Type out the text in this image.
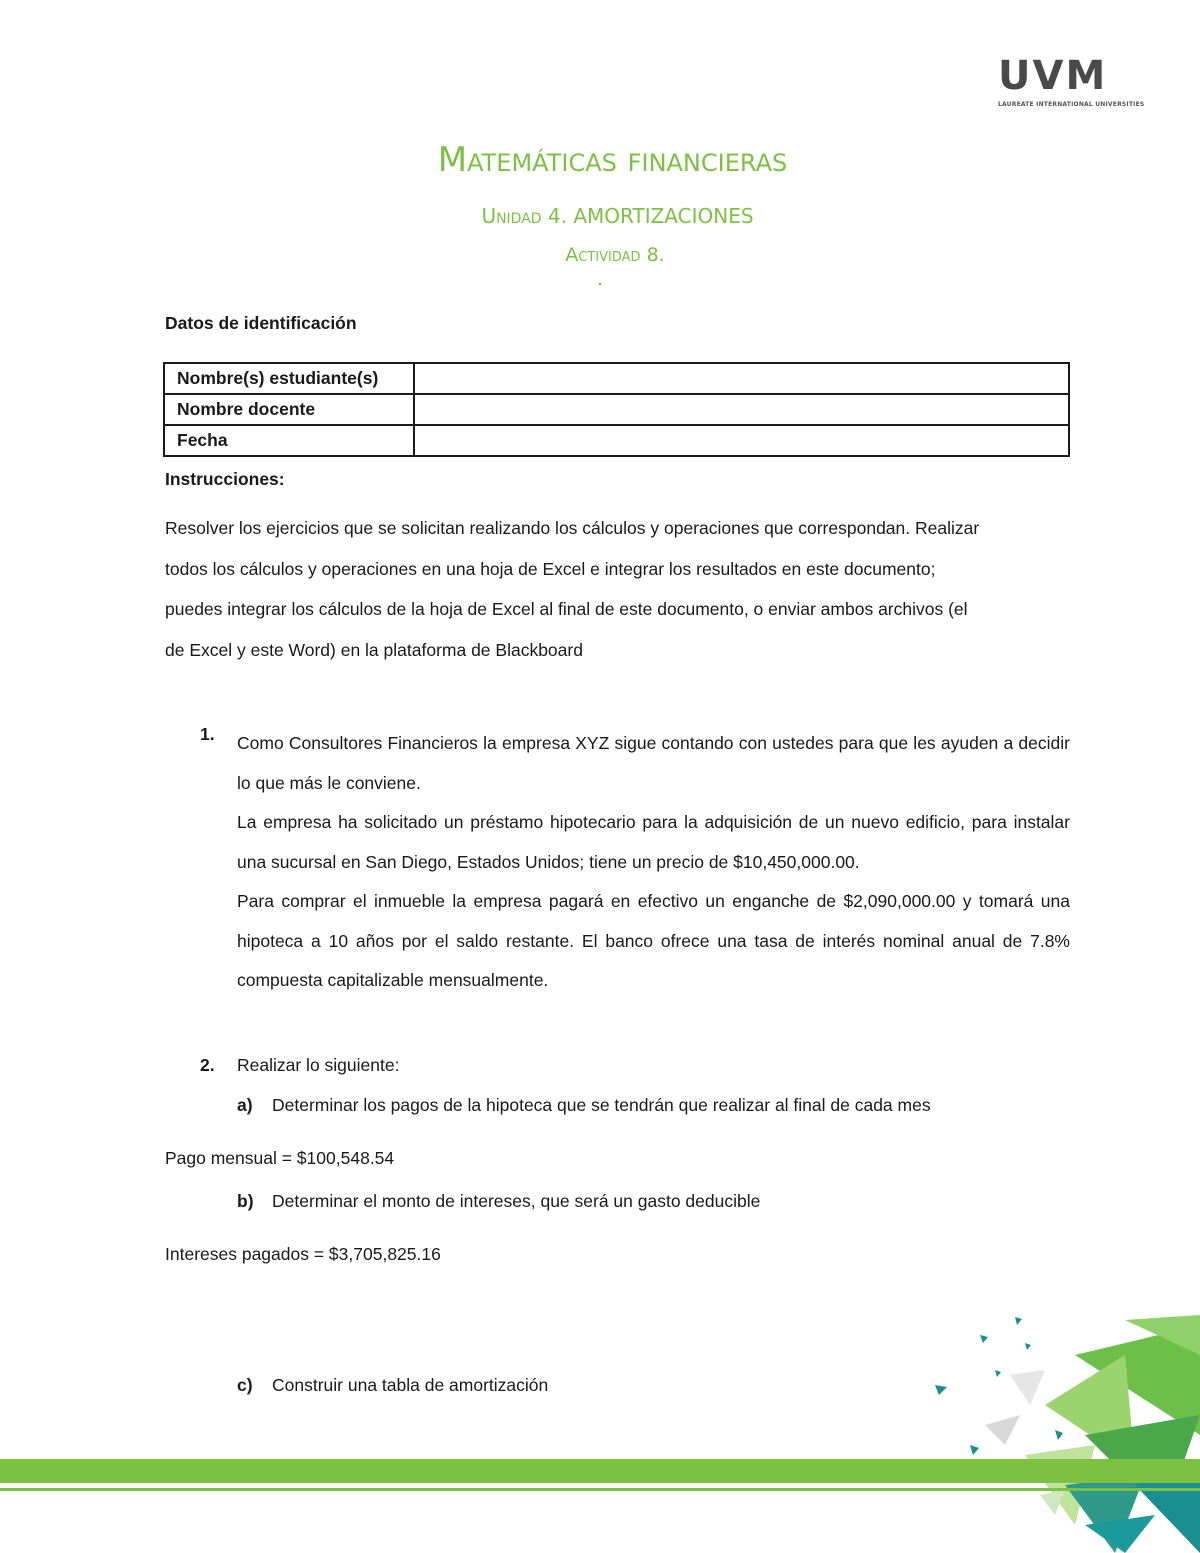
UVM
LAUREATE INTERNATIONAL UNIVERSITIES
Matemáticas financieras
Unidad 4. AMORTIZACIONES
Actividad 8.
Datos de identificación
Nombre(s) estudiante(s)	
Nombre docente	
Fecha	
Instrucciones:
Resolver los ejercicios que se solicitan realizando los cálculos y operaciones que correspondan. Realizar
todos los cálculos y operaciones en una hoja de Excel e integrar los resultados en este documento;
puedes integrar los cálculos de la hoja de Excel al final de este documento, o enviar ambos archivos (el
de Excel y este Word) en la plataforma de Blackboard
1. Como Consultores Financieros la empresa XYZ sigue contando con ustedes para que les ayuden a decidir lo que más le conviene.

La empresa ha solicitado un préstamo hipotecario para la adquisición de un nuevo edificio, para instalar una sucursal en San Diego, Estados Unidos; tiene un precio de $10,450,000.00.

Para comprar el inmueble la empresa pagará en efectivo un enganche de $2,090,000.00 y tomará una hipoteca a 10 años por el saldo restante. El banco ofrece una tasa de interés nominal anual de 7.8% compuesta capitalizable mensualmente.

2. Realizar lo siguiente:
a) Determinar los pagos de la hipoteca que se tendrán que realizar al final de cada mes
Pago mensual = $100,548.54
b) Determinar el monto de intereses, que será un gasto deducible
Intereses pagados = $3,705,825.16
c) Construir una tabla de amortización
